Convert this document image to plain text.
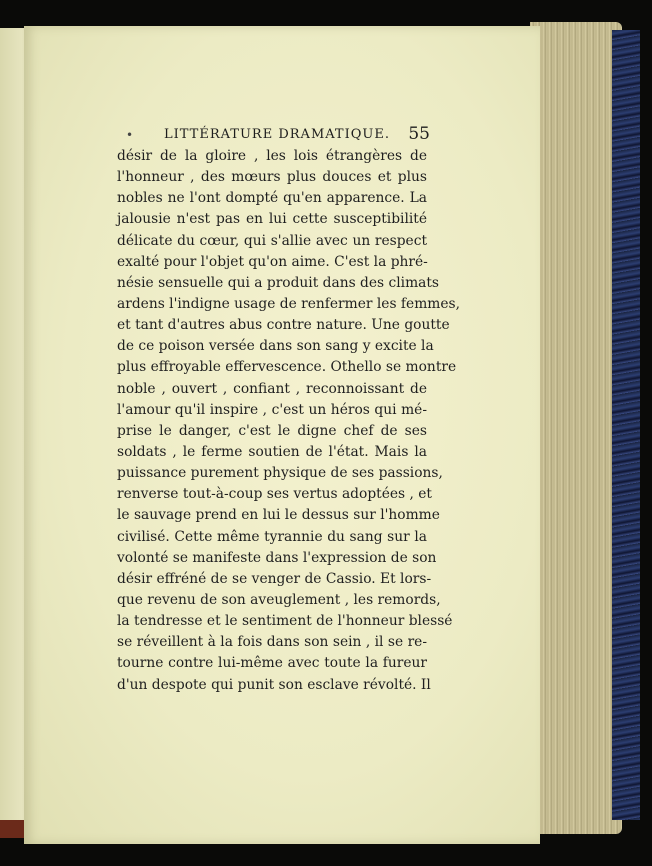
• LITTÉRATURE DRAMATIQUE. 55
désir de la gloire , les lois étrangères de
l'honneur , des mœurs plus douces et plus
nobles ne l'ont dompté qu'en apparence. La
jalousie n'est pas en lui cette susceptibilité
délicate du cœur, qui s'allie avec un respect
exalté pour l'objet qu'on aime. C'est la phré-
nésie sensuelle qui a produit dans des climats
ardens l'indigne usage de renfermer les femmes,
et tant d'autres abus contre nature. Une goutte
de ce poison versée dans son sang y excite la
plus effroyable effervescence. Othello se montre
noble , ouvert , confiant , reconnoissant de
l'amour qu'il inspire , c'est un héros qui mé-
prise le danger, c'est le digne chef de ses
soldats , le ferme soutien de l'état. Mais la
puissance purement physique de ses passions,
renverse tout-à-coup ses vertus adoptées , et
le sauvage prend en lui le dessus sur l'homme
civilisé. Cette même tyrannie du sang sur la
volonté se manifeste dans l'expression de son
désir effréné de se venger de Cassio. Et lors-
que revenu de son aveuglement , les remords,
la tendresse et le sentiment de l'honneur blessé
se réveillent à la fois dans son sein , il se re-
tourne contre lui-même avec toute la fureur
d'un despote qui punit son esclave révolté. Il
